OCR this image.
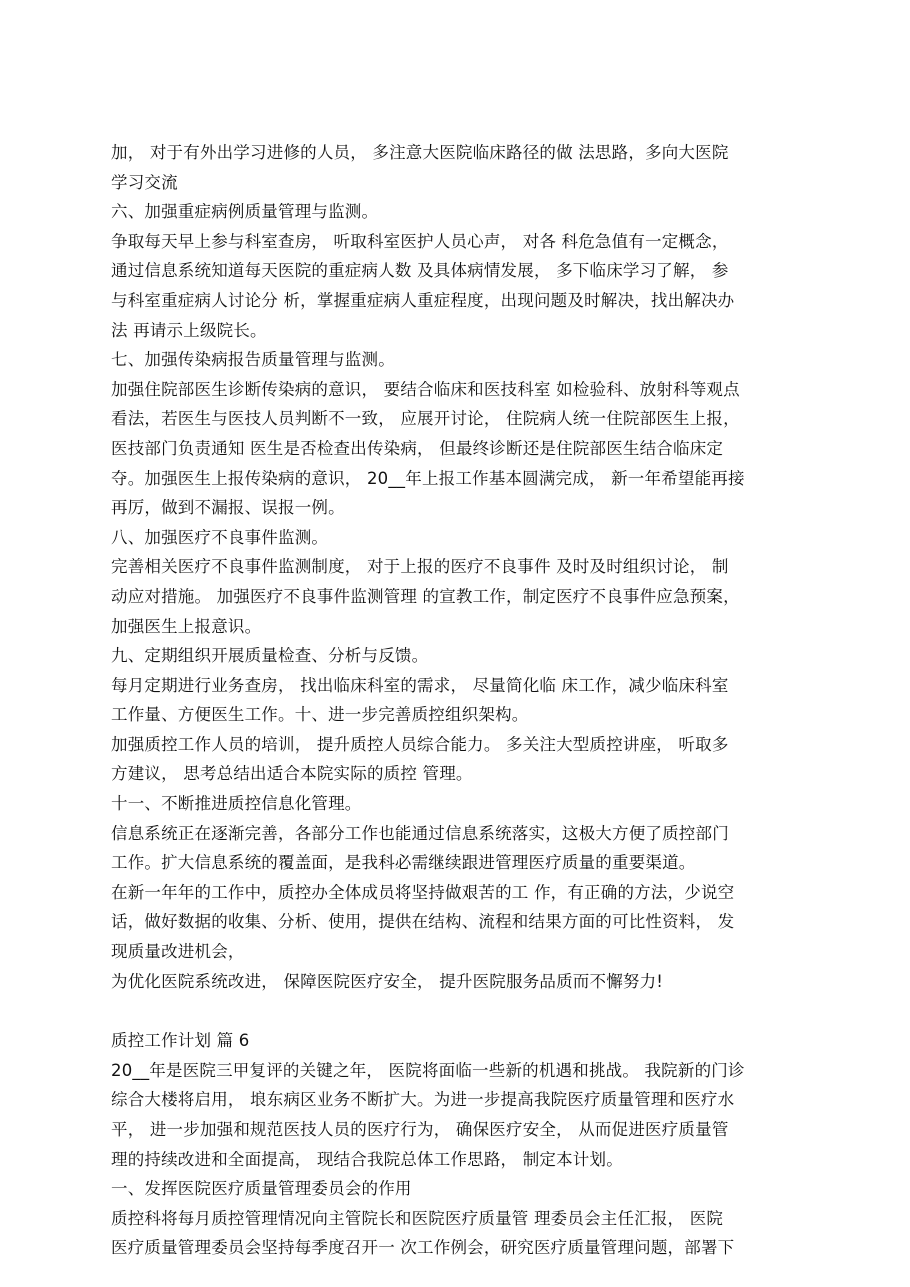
加， 对于有外出学习进修的人员， 多注意大医院临床路径的做 法思路，多向大医院
学习交流
六、加强重症病例质量管理与监测。
争取每天早上参与科室查房， 听取科室医护人员心声， 对各 科危急值有一定概念，
通过信息系统知道每天医院的重症病人数 及具体病情发展， 多下临床学习了解， 参
与科室重症病人讨论分 析，掌握重症病人重症程度，出现问题及时解决，找出解决办
法 再请示上级院长。
七、加强传染病报告质量管理与监测。
加强住院部医生诊断传染病的意识， 要结合临床和医技科室 如检验科、放射科等观点
看法，若医生与医技人员判断不一致， 应展开讨论， 住院病人统一住院部医生上报，
医技部门负责通知 医生是否检查出传染病， 但最终诊断还是住院部医生结合临床定
夺。加强医生上报传染病的意识， 20__年上报工作基本圆满完成， 新一年希望能再接
再厉，做到不漏报、误报一例。
八、加强医疗不良事件监测。
完善相关医疗不良事件监测制度， 对于上报的医疗不良事件 及时及时组织讨论， 制
动应对措施。 加强医疗不良事件监测管理 的宣教工作，制定医疗不良事件应急预案，
加强医生上报意识。
九、定期组织开展质量检查、分析与反馈。
每月定期进行业务查房， 找出临床科室的需求， 尽量简化临 床工作，减少临床科室
工作量、方便医生工作。十、进一步完善质控组织架构。
加强质控工作人员的培训， 提升质控人员综合能力。 多关注大型质控讲座， 听取多
方建议， 思考总结出适合本院实际的质控 管理。
十一、不断推进质控信息化管理。
信息系统正在逐渐完善，各部分工作也能通过信息系统落实，这极大方便了质控部门
工作。扩大信息系统的覆盖面，是我科必需继续跟进管理医疗质量的重要渠道。
在新一年年的工作中，质控办全体成员将坚持做艰苦的工 作，有正确的方法，少说空
话，做好数据的收集、分析、使用，提供在结构、流程和结果方面的可比性资料， 发
现质量改进机会，
为优化医院系统改进， 保障医院医疗安全， 提升医院服务品质而不懈努力!
质控工作计划 篇 6
20__年是医院三甲复评的关键之年， 医院将面临一些新的机遇和挑战。 我院新的门诊
综合大楼将启用， 埌东病区业务不断扩大。为进一步提高我院医疗质量管理和医疗水
平， 进一步加强和规范医技人员的医疗行为， 确保医疗安全， 从而促进医疗质量管
理的持续改进和全面提高， 现结合我院总体工作思路， 制定本计划。
一、发挥医院医疗质量管理委员会的作用
质控科将每月质控管理情况向主管院长和医院医疗质量管 理委员会主任汇报， 医院
医疗质量管理委员会坚持每季度召开一 次工作例会，研究医疗质量管理问题，部署下
